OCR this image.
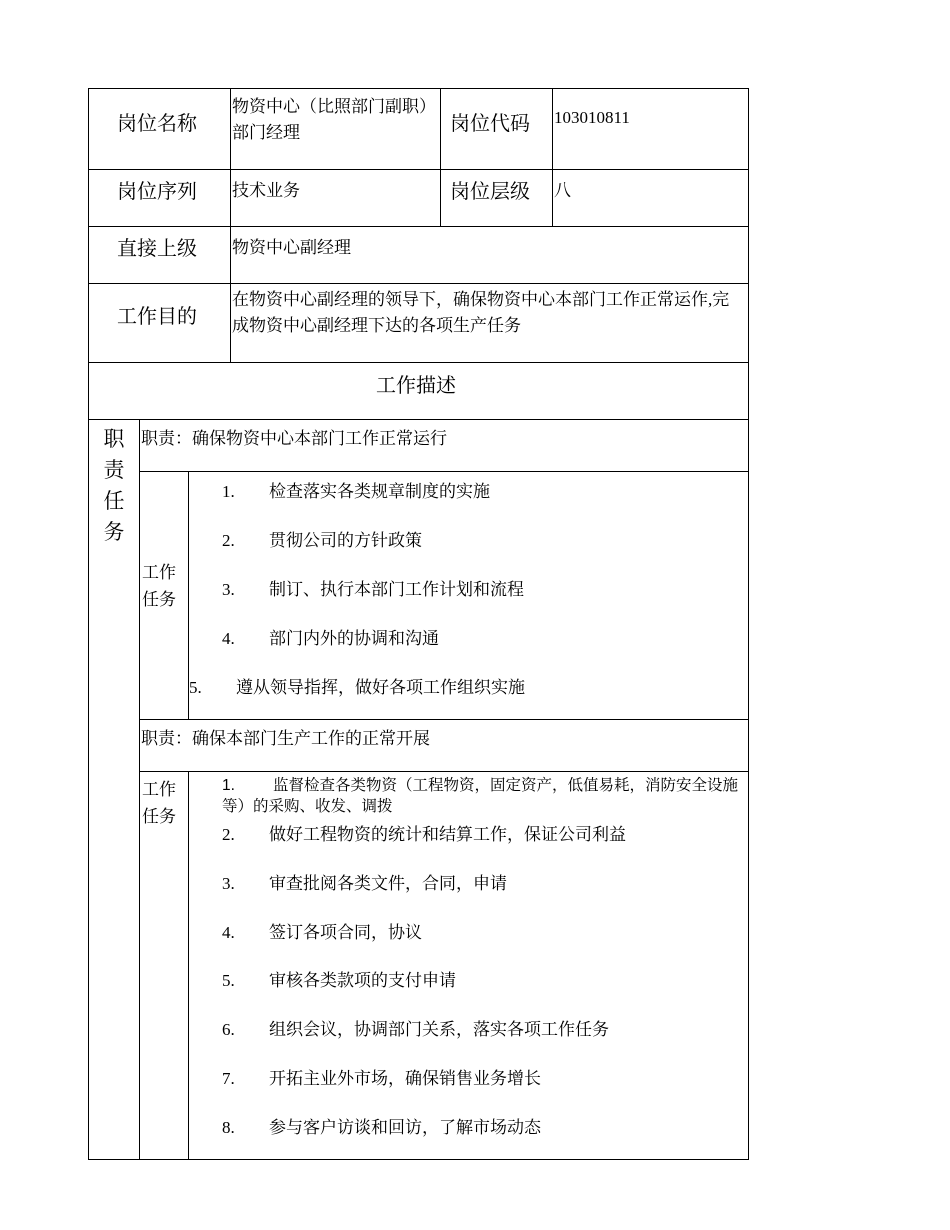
岗位名称
物资中心（比照部门副职）部门经理	岗位代码 103010811
岗位序列 技术业务	岗位层级 八
直接上级 物资中心副经理
工作目的
在物资中心副经理的领导下，确保物资中心本部门工作正常运作,完成物资中心副经理下达的各项生产任务
工作描述
职
责
任
务
职责：确保物资中心本部门工作正常运行
工作任务
1. 检查落实各类规章制度的实施
2. 贯彻公司的方针政策
3. 制订、执行本部门工作计划和流程
4. 部门内外的协调和沟通
5. 遵从领导指挥，做好各项工作组织实施
职责：确保本部门生产工作的正常开展
工作任务
1. 监督检查各类物资（工程物资，固定资产，低值易耗，消防安全设施等）的采购、收发、调拨
2. 做好工程物资的统计和结算工作，保证公司利益
3. 审查批阅各类文件，合同，申请
4. 签订各项合同，协议
5. 审核各类款项的支付申请
6. 组织会议，协调部门关系，落实各项工作任务
7. 开拓主业外市场，确保销售业务增长
8. 参与客户访谈和回访，了解市场动态
